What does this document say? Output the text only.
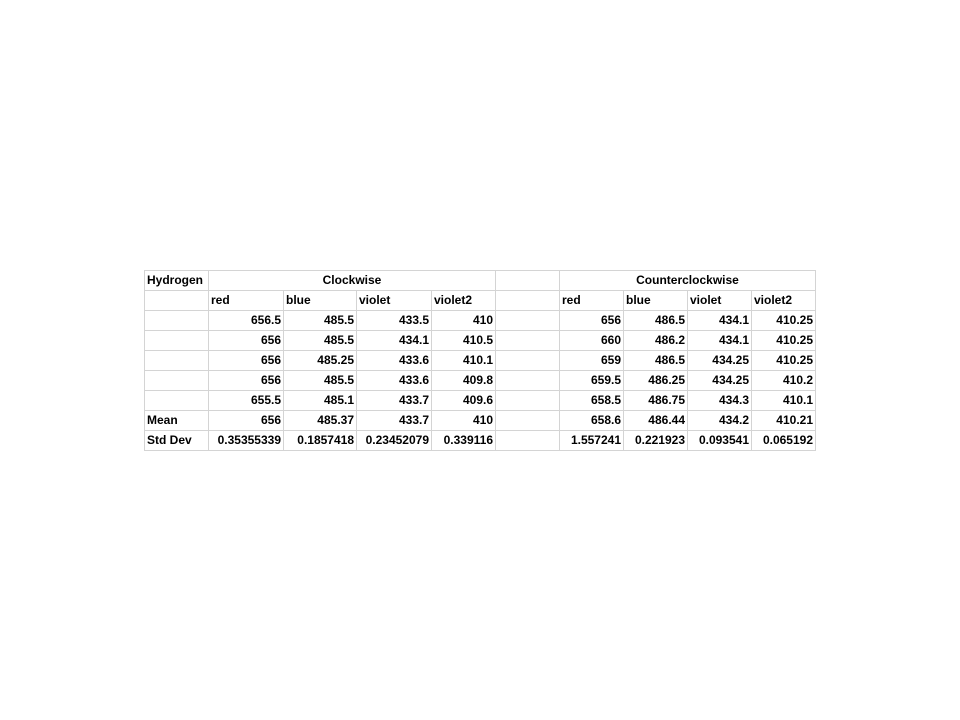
Hydrogen	Clockwise					Counterclockwise			
	red	blue	violet	violet2		red	blue	violet	violet2
	656.5	485.5	433.5	410		656	486.5	434.1	410.25
	656	485.5	434.1	410.5		660	486.2	434.1	410.25
	656	485.25	433.6	410.1		659	486.5	434.25	410.25
	656	485.5	433.6	409.8		659.5	486.25	434.25	410.2
	655.5	485.1	433.7	409.6		658.5	486.75	434.3	410.1
Mean	656	485.37	433.7	410		658.6	486.44	434.2	410.21
Std Dev	0.35355339	0.1857418	0.23452079	0.339116		1.557241	0.221923	0.093541	0.065192
